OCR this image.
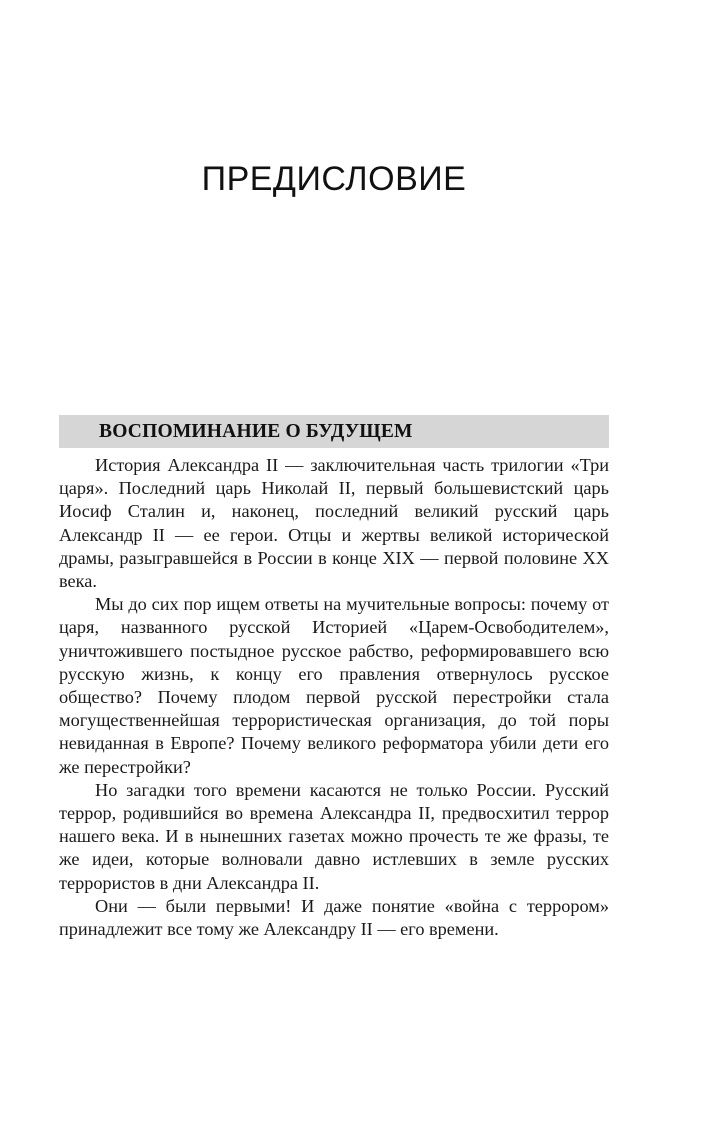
ПРЕДИСЛОВИЕ
ВОСПОМИНАНИЕ О БУДУЩЕМ

История Александра II — заключительная часть трилогии «Три царя». Последний царь Николай II, первый большевистский царь Иосиф Сталин и, наконец, последний великий русский царь Александр II — ее герои. Отцы и жертвы великой исторической драмы, разыгравшейся в России в конце XIX — первой половине XX века.

Мы до сих пор ищем ответы на мучительные вопросы: почему от царя, названного русской Историей «Царем-Освободителем», уничтожившего постыдное русское рабство, реформировавшего всю русскую жизнь, к концу его правления отвернулось русское общество? Почему плодом первой русской перестройки стала могущественнейшая террористическая организация, до той поры невиданная в Европе? Почему великого реформатора убили дети его же перестройки?

Но загадки того времени касаются не только России. Русский террор, родившийся во времена Александра II, предвосхитил террор нашего века. И в нынешних газетах можно прочесть те же фразы, те же идеи, которые волновали давно истлевших в земле русских террористов в дни Александра II.

Они — были первыми! И даже понятие «война с террором» принадлежит все тому же Александру II — его времени.
